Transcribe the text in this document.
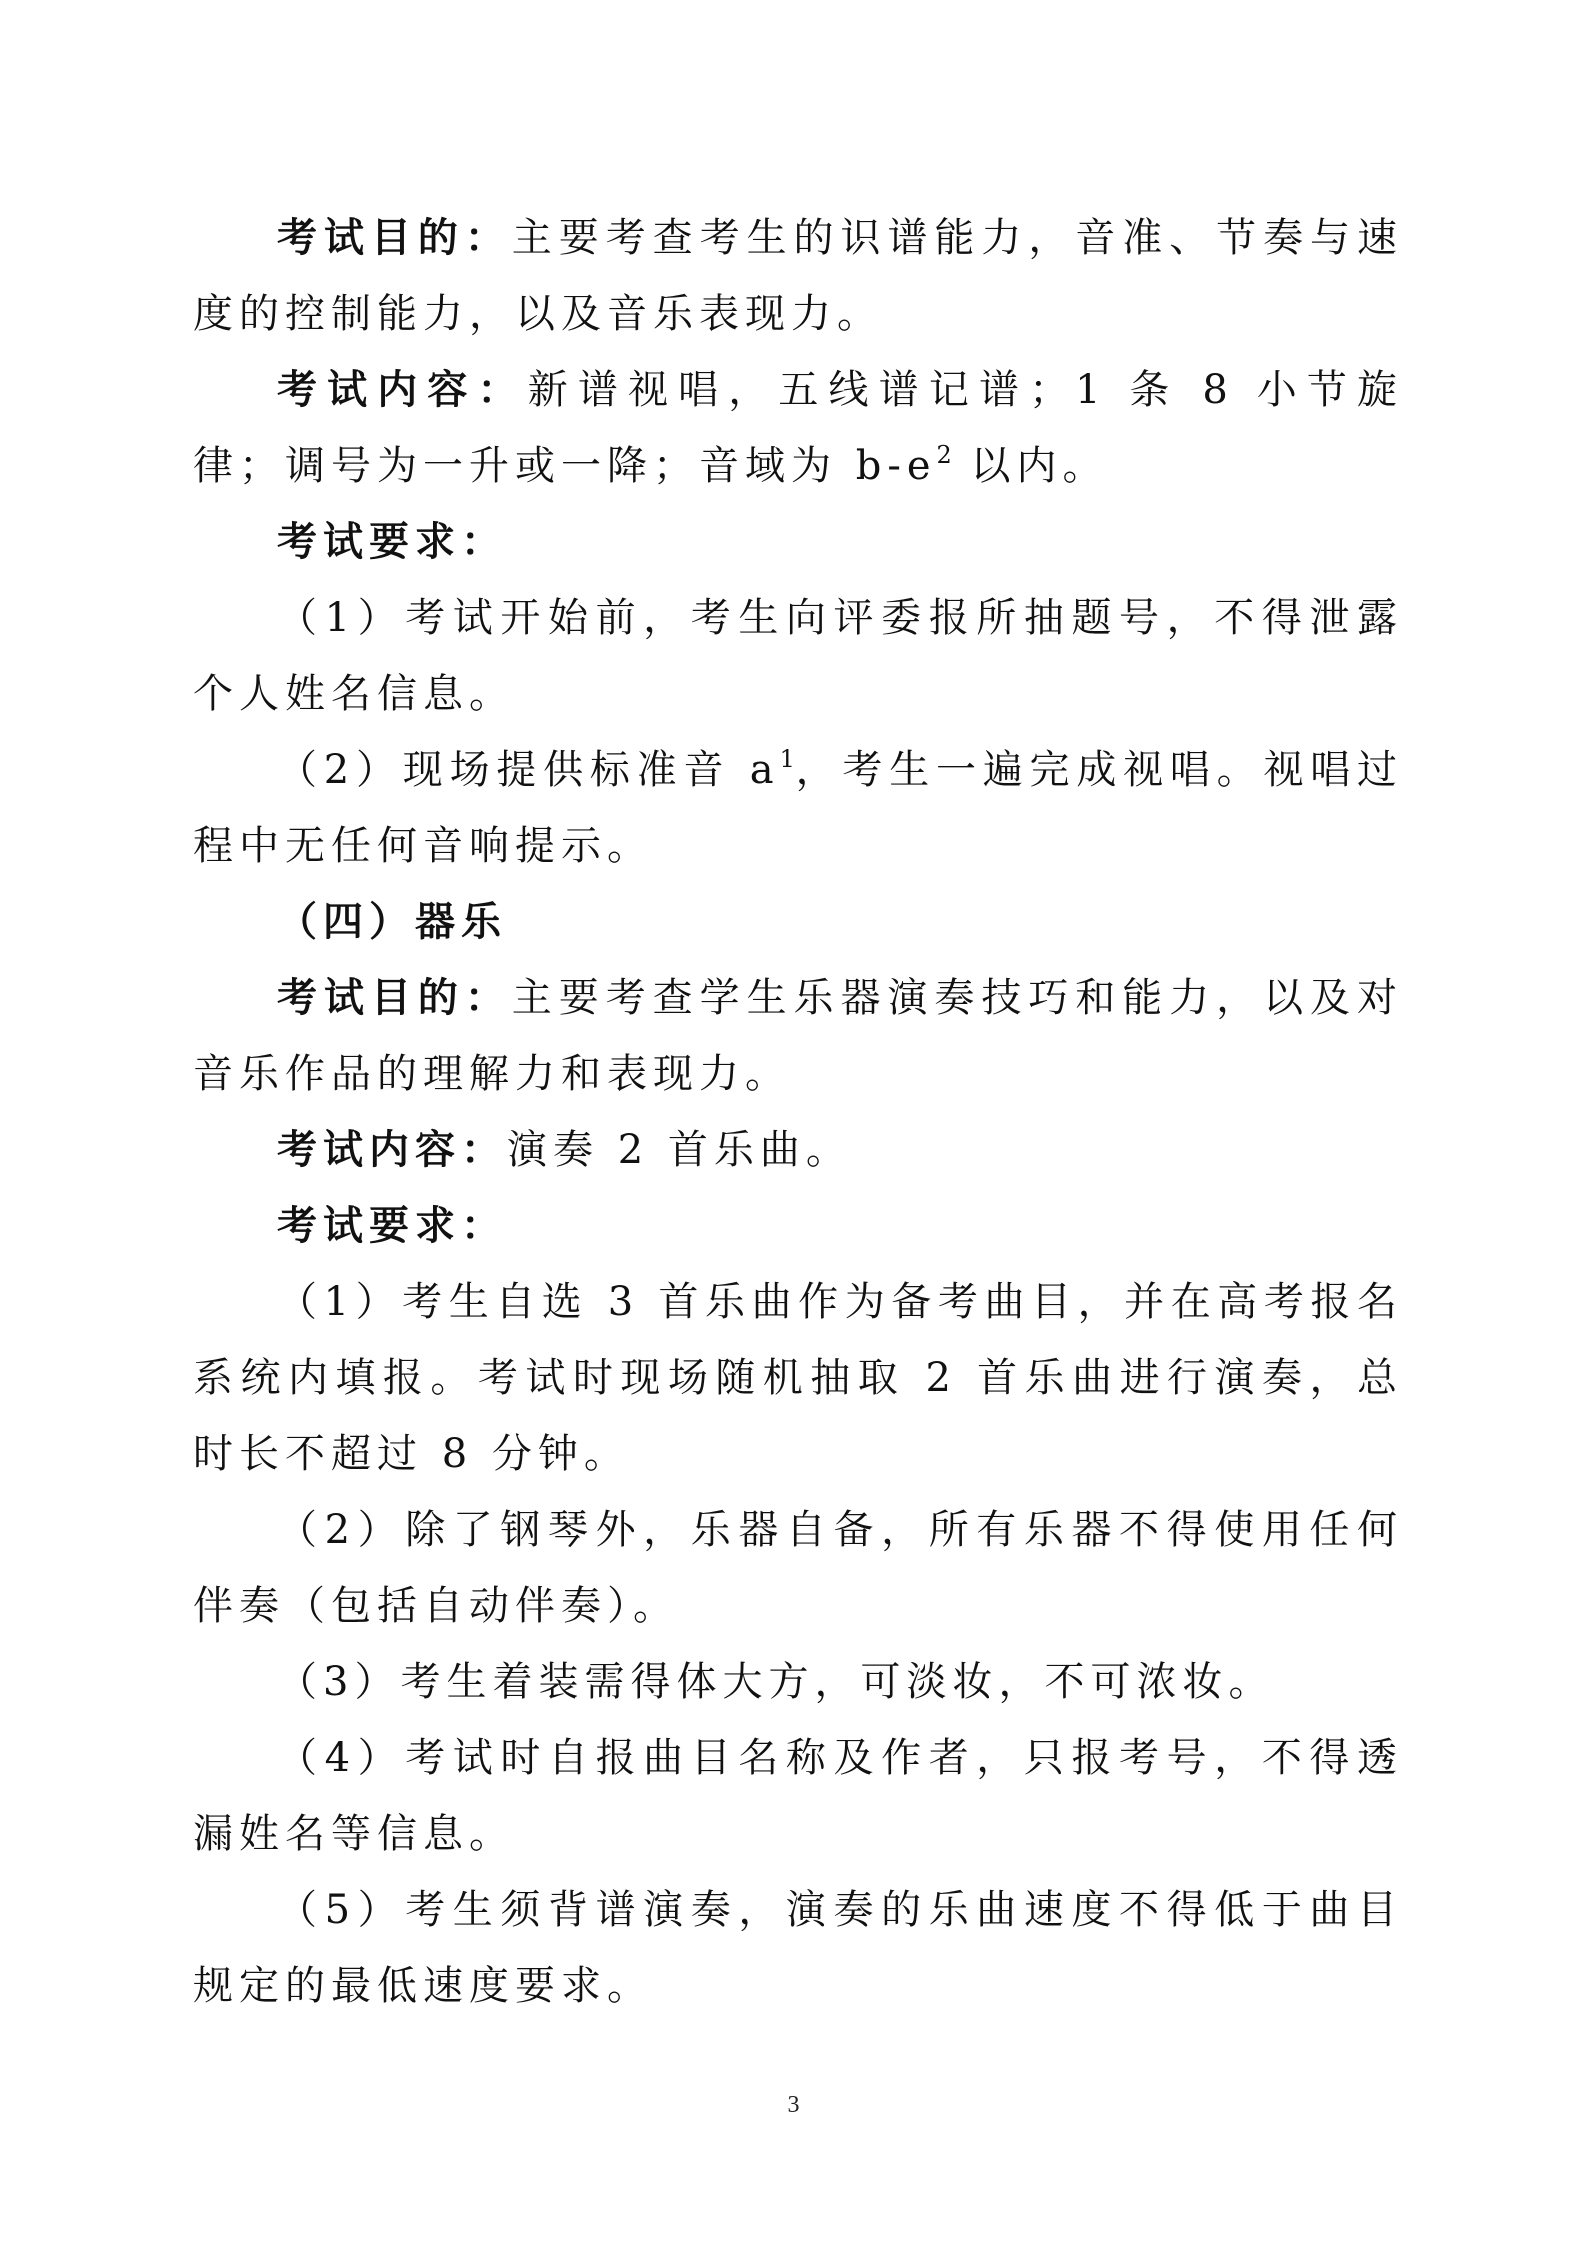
考试目的：主要考查考生的识谱能力，音准、节奏与速度的控制能力，以及音乐表现力。

考试内容：新谱视唱，五线谱记谱；1 条 8 小节旋律；调号为一升或一降；音域为 $b-e^2$ 以内。

考试要求：

（1）考试开始前，考生向评委报所抽题号，不得泄露个人姓名信息。

（2）现场提供标准音 $a^1$，考生一遍完成视唱。视唱过程中无任何音响提示。

（四）器乐

考试目的：主要考查学生乐器演奏技巧和能力，以及对音乐作品的理解力和表现力。

考试内容：演奏 2 首乐曲。

考试要求：

（1）考生自选 3 首乐曲作为备考曲目，并在高考报名系统内填报。考试时现场随机抽取 2 首乐曲进行演奏，总时长不超过 8 分钟。

（2）除了钢琴外，乐器自备，所有乐器不得使用任何伴奏（包括自动伴奏）。

（3）考生着装需得体大方，可淡妆，不可浓妆。

（4）考试时自报曲目名称及作者，只报考号，不得透漏姓名等信息。

（5）考生须背谱演奏，演奏的乐曲速度不得低于曲目规定的最低速度要求。

3
